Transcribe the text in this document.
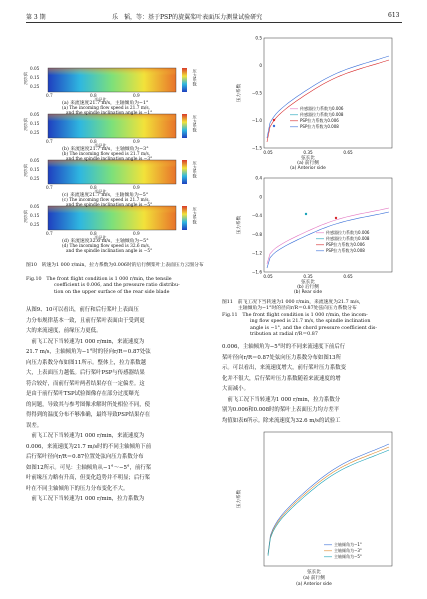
第 3 期	乐　韬，等：基于PSP的旋翼桨叶表面压力测量试验研究	613
0.05
0.15
0.25
弦长比
0.7	0.8	0.9
压力系数
半径比
(a) 来流速度21.7 m/s，主轴倾角为−1°
(a) The incoming flow speed is 21.7 m/s,
and the spindle inclination angle is −1°
0.05
0.15
0.25
弦长比
0.7	0.8	0.9
压力系数
半径比
(b) 来流速度21.7 m/s，主轴倾角为−3°
(b) The incoming flow speed is 21.7 m/s,
and the spindle inclination angle is −3°
0.05
0.15
0.25
弦长比
0.7	0.8	0.9
压力系数
半径比
(c) 来流速度21.7 m/s，主轴倾角为−5°
(c) The incoming flow speed is 21.7 m/s,
and the spindle inclination angle is −5°
0.05
0.15
0.25
弦长比
0.7	0.8	0.9
压力系数
半径比
(d) 来流速度32.6 m/s，主轴倾角为−5°
(d) The incoming flow speed is 32.6 m/s,
and the spindle inclination angle is −5°
图10　转速为1 000 r/min，拉力系数为0.006时的后行侧桨叶上表面压力云图分布
Fig.10　The front flight condition is 1 000 r/min, the tensile
coefficient is 0.006, and the pressure ratio distribu-
tion on the upper surface of the rear side blade
从图9、10可以看出，前行和后行桨叶上表面压
力分布规律基本一致，且前行桨叶表面由于受到更
大的来流速度，前缘压力更低。
　前飞工况下当转速为1 000 r/min，来流速度为
21.7 m/s，主轴倾角为−1°时的径向r/R＝0.87处弦
向压力系数分布如图11所示。整体上，拉力系数越
大，上表面压力越低。后行桨叶PSP与传感器结果
符合较好，而前行桨叶两者结果存在一定偏差。这
是由于前行桨叶TSP试验图像存在部分过度曝光
的问题，导致其与参考图像求解时所处相位不同，使
得得到的温度分布不够准确，最终导致PSP结果存在
误差。
　前飞工况下当转速为1 000 r/min，来流速度为
0.006，来流速度为21.7 m/s时的不同主轴倾角下前
后行桨叶径向r/R＝0.87位置处弦向压力系数分布
如图12所示。可见：主轴倾角从−1°～−5°，前行桨
叶前缘压力略有升高，但变化趋势并不明显；后行桨
叶在不同主轴倾角下的压力分布变化不大。
　前飞工况下当转速为1 000 r/min，拉力系数为
0.5
0
−0.5
−1.0
−1.5
0.05	0.35	0.65
压力系数
弦长比
(a) 前行侧
(a) Anterior side
传感器拉力系数为0.006
传感器拉力系数为0.008
PSP拉力系数为0.006
PSP拉力系数为0.008
0.4
0
−0.4
−0.8
−1.2
−1.6
0.05	0.35	0.65
压力系数
弦长比
(b) 后行侧
(b) Rear side
传感器拉力系数为0.006
传感器拉力系数为0.008
PSP拉力系数为0.006
PSP拉力系数为0.008
图11　前飞工况下当转速为1 000 r/min，来流速度为21.7 m/s，
主轴倾角为−1°时的径向r/R＝0.87处弦向压力系数分布
Fig.11　The front flight condition is 1 000 r/min, the incom-
ing flow speed is 21.7 m/s, the spindle inclination
angle is −1°, and the chord pressure coefficient dis-
tribution at radial r/R＝0.87
0.006，主轴倾角为−5°时的不同来流速度下前后行
桨叶径向r/R＝0.87处弦向压力系数分布如图13所
示。可以看出，来流速度增大，前行桨叶压力系数变
化并不很大，后行桨叶压力系数随着来流速度的增
大而减小。
　前飞工况下当转速为1 000 r/min，拉力系数分
别为0.006和0.008时的桨叶上表面压力均方差平
均值如表6所示。除来流速度为32.6 m/s的试验工
压力系数
弦长比
(a) 前行侧
(a) Anterior side
主轴倾角为−1°
主轴倾角为−3°
主轴倾角为−5°
